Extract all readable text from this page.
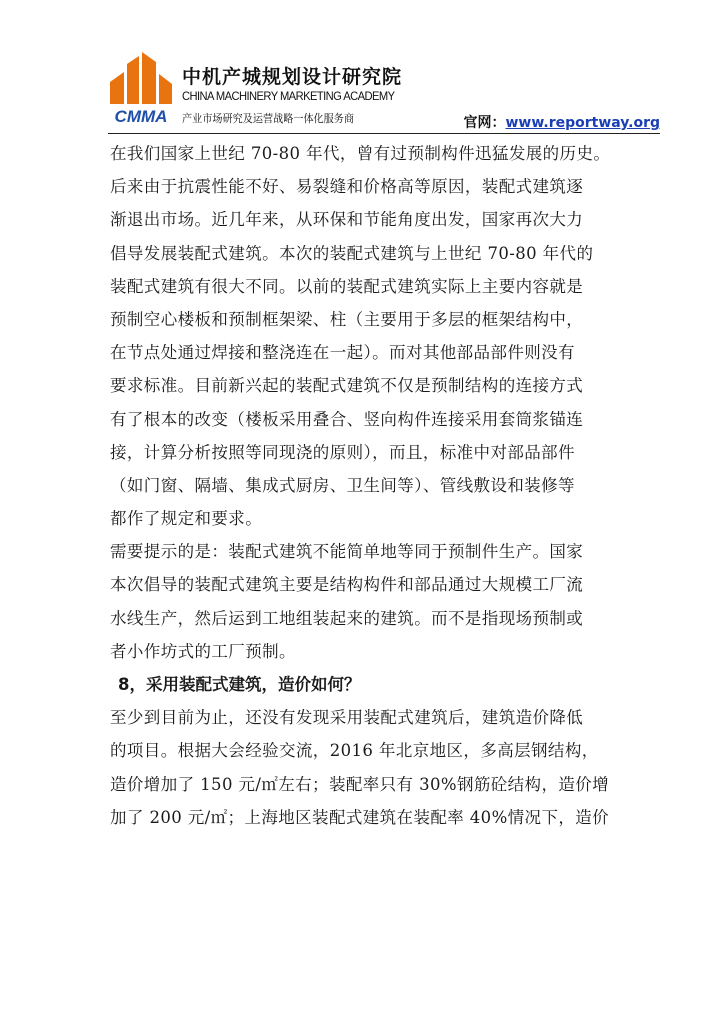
CMMA
中机产城规划设计研究院
CHINA MACHINERY MARKETING ACADEMY
产业市场研究及运营战略一体化服务商	官网：www.reportway.org

在我们国家上世纪 70-80 年代，曾有过预制构件迅猛发展的历史。

后来由于抗震性能不好、易裂缝和价格高等原因，装配式建筑逐

渐退出市场。近几年来，从环保和节能角度出发，国家再次大力

倡导发展装配式建筑。本次的装配式建筑与上世纪 70-80 年代的

装配式建筑有很大不同。以前的装配式建筑实际上主要内容就是

预制空心楼板和预制框架梁、柱（主要用于多层的框架结构中，

在节点处通过焊接和整浇连在一起）。而对其他部品部件则没有

要求标准。目前新兴起的装配式建筑不仅是预制结构的连接方式

有了根本的改变（楼板采用叠合、竖向构件连接采用套筒浆锚连

接，计算分析按照等同现浇的原则），而且，标准中对部品部件

（如门窗、隔墙、集成式厨房、卫生间等）、管线敷设和装修等

都作了规定和要求。

需要提示的是：装配式建筑不能简单地等同于预制件生产。国家

本次倡导的装配式建筑主要是结构构件和部品通过大规模工厂流

水线生产，然后运到工地组装起来的建筑。而不是指现场预制或

者小作坊式的工厂预制。

8，采用装配式建筑，造价如何？

至少到目前为止，还没有发现采用装配式建筑后，建筑造价降低

的项目。根据大会经验交流，2016 年北京地区，多高层钢结构，

造价增加了 150 元/㎡左右；装配率只有 30%钢筋砼结构，造价增

加了 200 元/㎡；上海地区装配式建筑在装配率 40%情况下，造价
